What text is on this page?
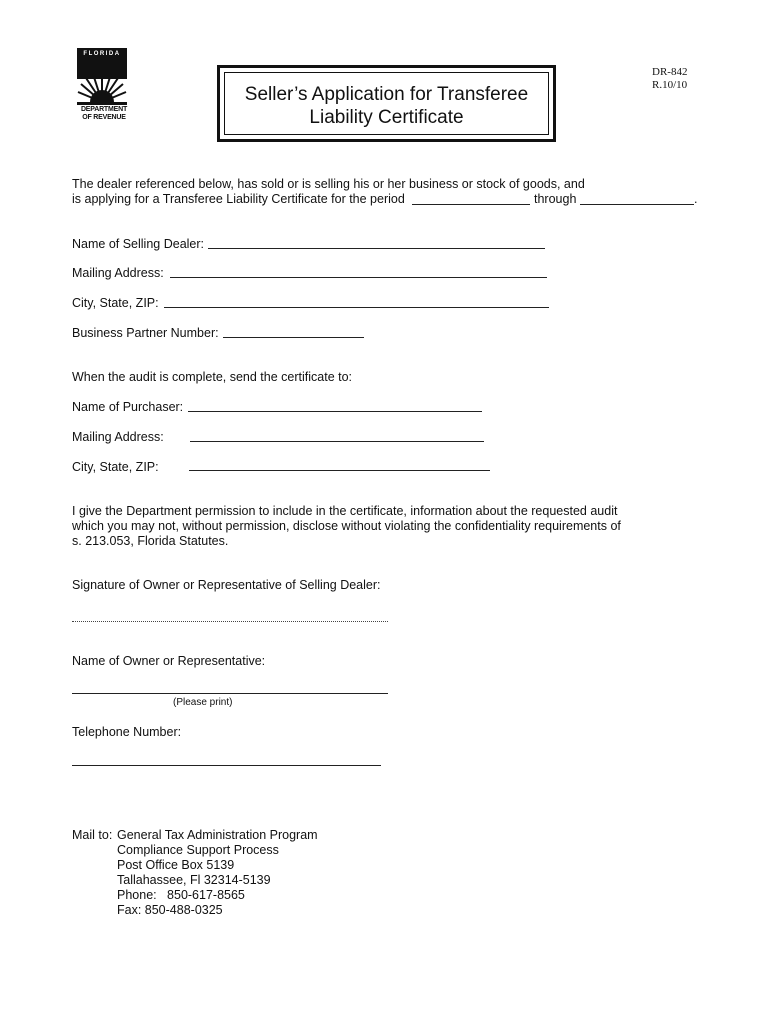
FLORIDA
DEPARTMENT OF REVENUE
Seller’s Application for Transferee
Liability Certificate
DR-842
R.10/10
The dealer referenced below, has sold or is selling his or her business or stock of goods, and
is applying for a Transferee Liability Certificate for the period	through	.
Name of Selling Dealer:
Mailing Address:
City, State, ZIP:
Business Partner Number:
When the audit is complete, send the certificate to:
Name of Purchaser:
Mailing Address:
City, State, ZIP:
I give the Department permission to include in the certificate, information about the requested audit
which you may not, without permission, disclose without violating the confidentiality requirements of
s. 213.053, Florida Statutes.
Signature of Owner or Representative of Selling Dealer:
Name of Owner or Representative:
(Please print)
Telephone Number:
Mail to: General Tax Administration Program
Compliance Support Process
Post Office Box 5139
Tallahassee, Fl 32314-5139
Phone:   850-617-8565
Fax: 850-488-0325
